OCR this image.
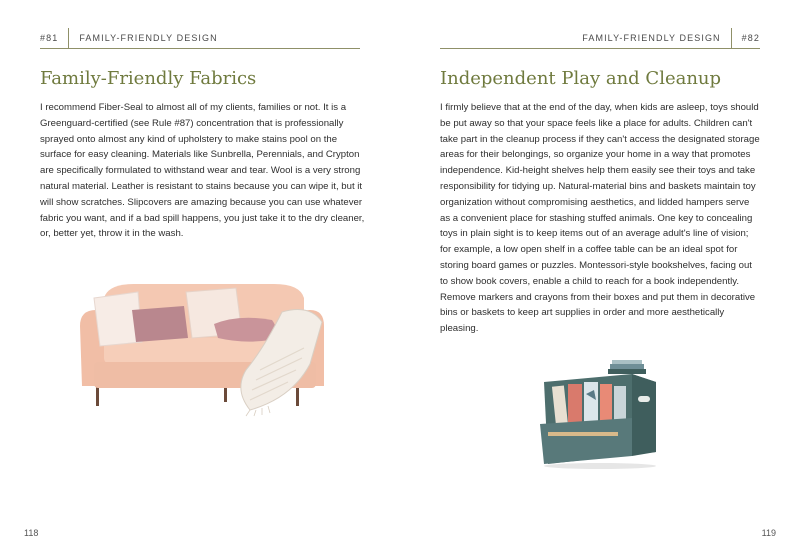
#81	FAMILY-FRIENDLY DESIGN
Family-Friendly Fabrics

I recommend Fiber-Seal to almost all of my clients, families or not. It is a Greenguard-certified (see Rule #87) concentration that is professionally sprayed onto almost any kind of upholstery to make stains pool on the surface for easy cleaning. Materials like Sunbrella, Perennials, and Crypton are specifically formulated to withstand wear and tear. Wool is a very strong natural material. Leather is resistant to stains because you can wipe it, but it will show scratches. Slipcovers are amazing because you can use whatever fabric you want, and if a bad spill happens, you just take it to the dry cleaner, or, better yet, throw it in the wash.

118
FAMILY-FRIENDLY DESIGN	#82
Independent Play and Cleanup

I firmly believe that at the end of the day, when kids are asleep, toys should be put away so that your space feels like a place for adults. Children can't take part in the cleanup process if they can't access the designated storage areas for their belongings, so organize your home in a way that promotes independence. Kid-height shelves help them easily see their toys and take responsibility for tidying up. Natural-material bins and baskets maintain toy organization without compromising aesthetics, and lidded hampers serve as a convenient place for stashing stuffed animals. One key to concealing toys in plain sight is to keep items out of an average adult's line of vision; for example, a low open shelf in a coffee table can be an ideal spot for storing board games or puzzles. Montessori-style bookshelves, facing out to show book covers, enable a child to reach for a book independently. Remove markers and crayons from their boxes and put them in decorative bins or baskets to keep art supplies in order and more aesthetically pleasing.

119
